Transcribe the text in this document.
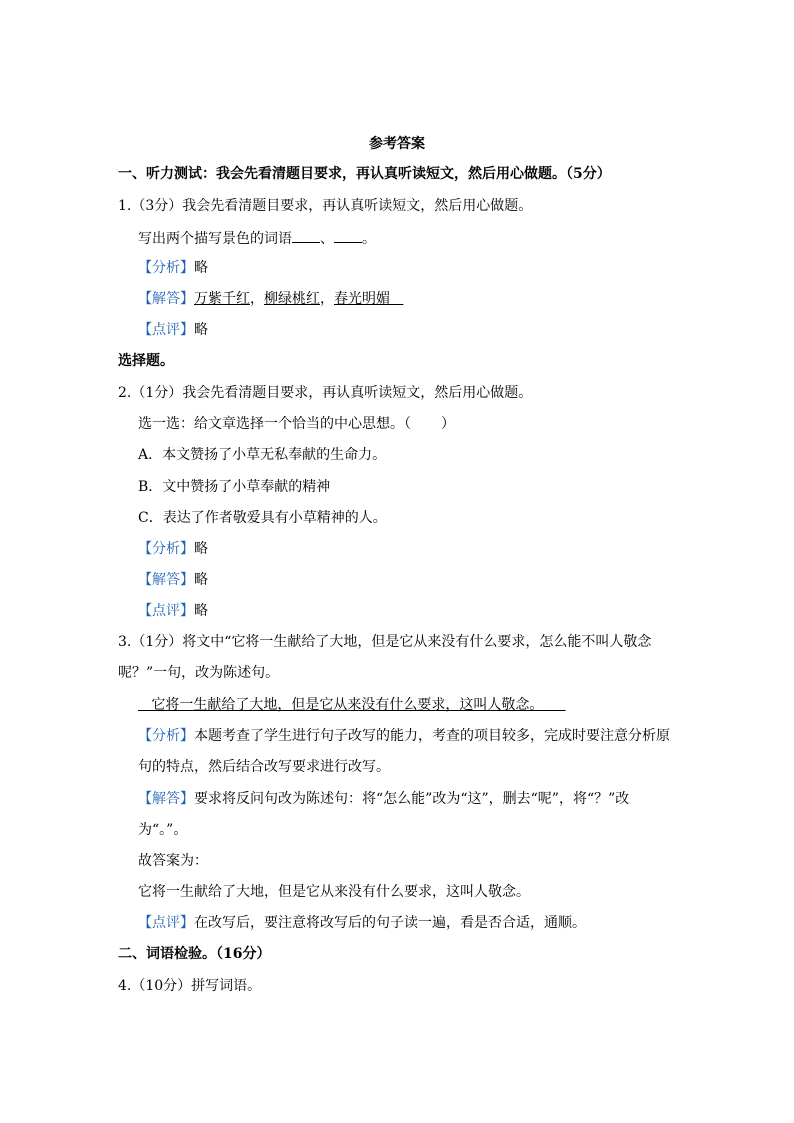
参考答案
一、听力测试：我会先看清题目要求，再认真听读短文，然后用心做题。（5分）
1.（3分）我会先看清题目要求，再认真听读短文，然后用心做题。
写出两个描写景色的词语 、 。
【分析】略
【解答】万紫千红，柳绿桃红，春光明媚
【点评】略
选择题。
2.（1分）我会先看清题目要求，再认真听读短文，然后用心做题。
选一选：给文章选择一个恰当的中心思想。（ ）
A．本文赞扬了小草无私奉献的生命力。
B．文中赞扬了小草奉献的精神
C．表达了作者敬爱具有小草精神的人。
【分析】略
【解答】略
【点评】略
3.（1分）将文中“它将一生献给了大地，但是它从来没有什么要求，怎么能不叫人敬念
呢？”一句，改为陈述句。
它将一生献给了大地，但是它从来没有什么要求，这叫人敬念。
【分析】本题考查了学生进行句子改写的能力，考查的项目较多，完成时要注意分析原
句的特点，然后结合改写要求进行改写。
【解答】要求将反问句改为陈述句：将“怎么能”改为“这”，删去“呢”，将“？”改
为“。”。
故答案为：
它将一生献给了大地，但是它从来没有什么要求，这叫人敬念。
【点评】在改写后，要注意将改写后的句子读一遍，看是否合适，通顺。
二、词语检验。（16分）
4.（10分）拼写词语。
